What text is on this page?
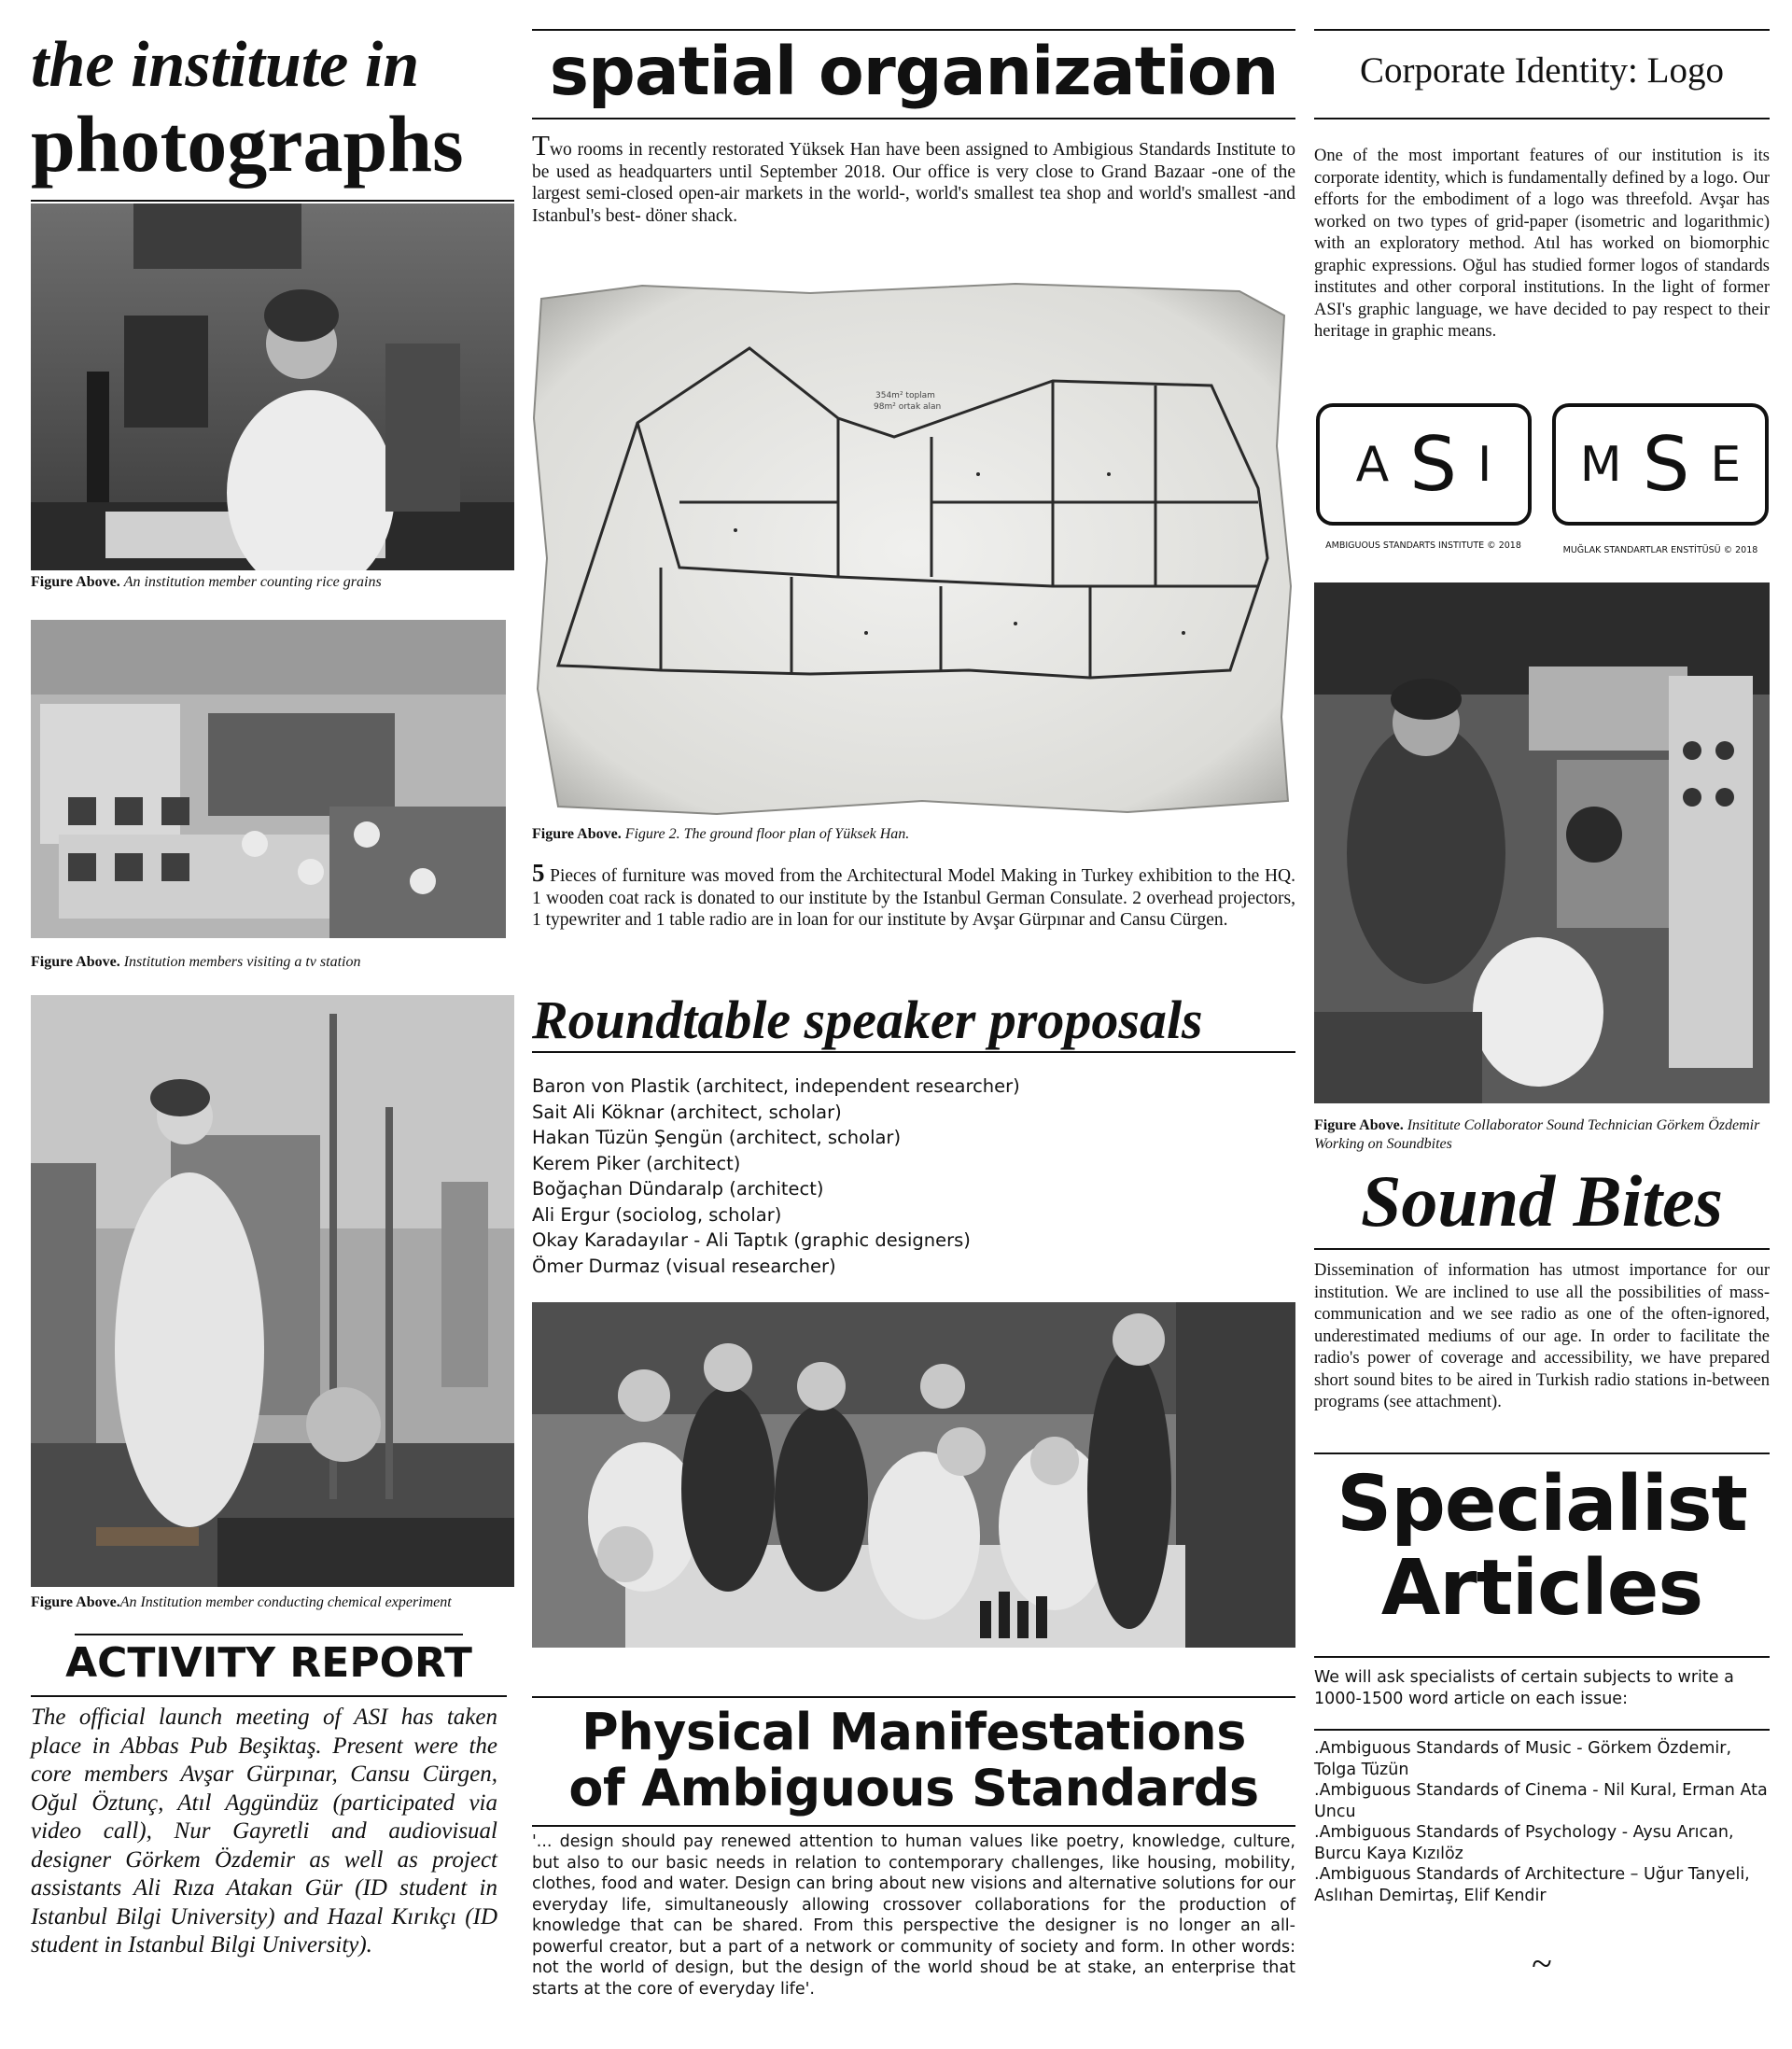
the institute in
photographs
Figure Above. An institution member counting rice grains
Figure Above. Institution members visiting a tv station
Figure Above.An Institution member conducting chemical experiment
ACTIVITY REPORT
The official launch meeting of ASI has taken place in Abbas Pub Beşiktaş. Present were the core members Avşar Gürpınar, Cansu Cürgen, Oğul Öztunç, Atıl Aggündüz (participated via video call), Nur Gayretli and audiovisual designer Görkem Özdemir as well as project assistants Ali Rıza Atakan Gür (ID student in Istanbul Bilgi University) and Hazal Kırıkçı (ID student in Istanbul Bilgi University).
spatial organization
Two rooms in recently restorated Yüksek Han have been assigned to Ambigious Standards Institute to be used as headquarters until September 2018. Our office is very close to Grand Bazaar -one of the largest semi-closed open-air markets in the world-, world's smallest tea shop and world's smallest -and Istanbul's best- döner shack.
354m² toplam
98m² ortak alan
Figure Above. Figure 2. The ground floor plan of Yüksek Han.
5 Pieces of furniture was moved from the Architectural Model Making in Turkey exhibition to the HQ. 1 wooden coat rack is donated to our institute by the Istanbul German Consulate. 2 overhead projectors, 1 typewriter and 1 table radio are in loan for our institute by Avşar Gürpınar and Cansu Cürgen.
Roundtable speaker proposals
Baron von Plastik (architect, independent researcher)
Sait Ali Köknar (architect, scholar)
Hakan Tüzün Şengün (architect, scholar)
Kerem Piker (architect)
Boğaçhan Dündaralp (architect)
Ali Ergur (sociolog, scholar)
Okay Karadayılar - Ali Taptık (graphic designers)
Ömer Durmaz (visual researcher)
Physical Manifestations
of Ambiguous Standards
'... design should pay renewed attention to human values like poetry, knowledge, culture, but also to our basic needs in relation to contemporary challenges, like housing, mobility, clothes, food and water. Design can bring about new visions and alternative solutions for our everyday life, simultaneously allowing crossover collaborations for the production of knowledge that can be shared. From this perspective the designer is no longer an all-powerful creator, but a part of a network or community of society and form. In other words: not the world of design, but the design of the world shoud be at stake, an enterprise that starts at the core of everyday life'.
Corporate Identity: Logo
One of the most important features of our institution is its corporate identity, which is fundamentally defined by a logo. Our efforts for the embodiment of a logo was threefold. Avşar has worked on two types of grid-paper (isometric and logarithmic) with an exploratory method. Atıl has worked on biomorphic graphic expressions. Oğul has studied former logos of standards institutes and other corporal institutions. In the light of former ASI's graphic language, we have decided to pay respect to their heritage in graphic means.
A S I M S E
AMBIGUOUS STANDARTS INSTITUTE © 2018	MUĞLAK STANDARTLAR ENSTİTÜSÜ © 2018
Figure Above. Insititute Collaborator Sound Technician Görkem Özdemir Working on Soundbites
Sound Bites
Dissemination of information has utmost importance for our institution. We are inclined to use all the possibilities of mass-communication and we see radio as one of the often-ignored, underestimated mediums of our age. In order to facilitate the radio's power of coverage and accessibility, we have prepared short sound bites to be aired in Turkish radio stations in-between programs (see attachment).
Specialist
Articles
We will ask specialists of certain subjects to write a 1000-1500 word article on each issue:
.Ambiguous Standards of Music - Görkem Özdemir, Tolga Tüzün
.Ambiguous Standards of Cinema - Nil Kural, Erman Ata Uncu
.Ambiguous Standards of Psychology - Aysu Arıcan, Burcu Kaya Kızılöz
.Ambiguous Standards of Architecture – Uğur Tanyeli, Aslıhan Demirtaş, Elif Kendir
~
